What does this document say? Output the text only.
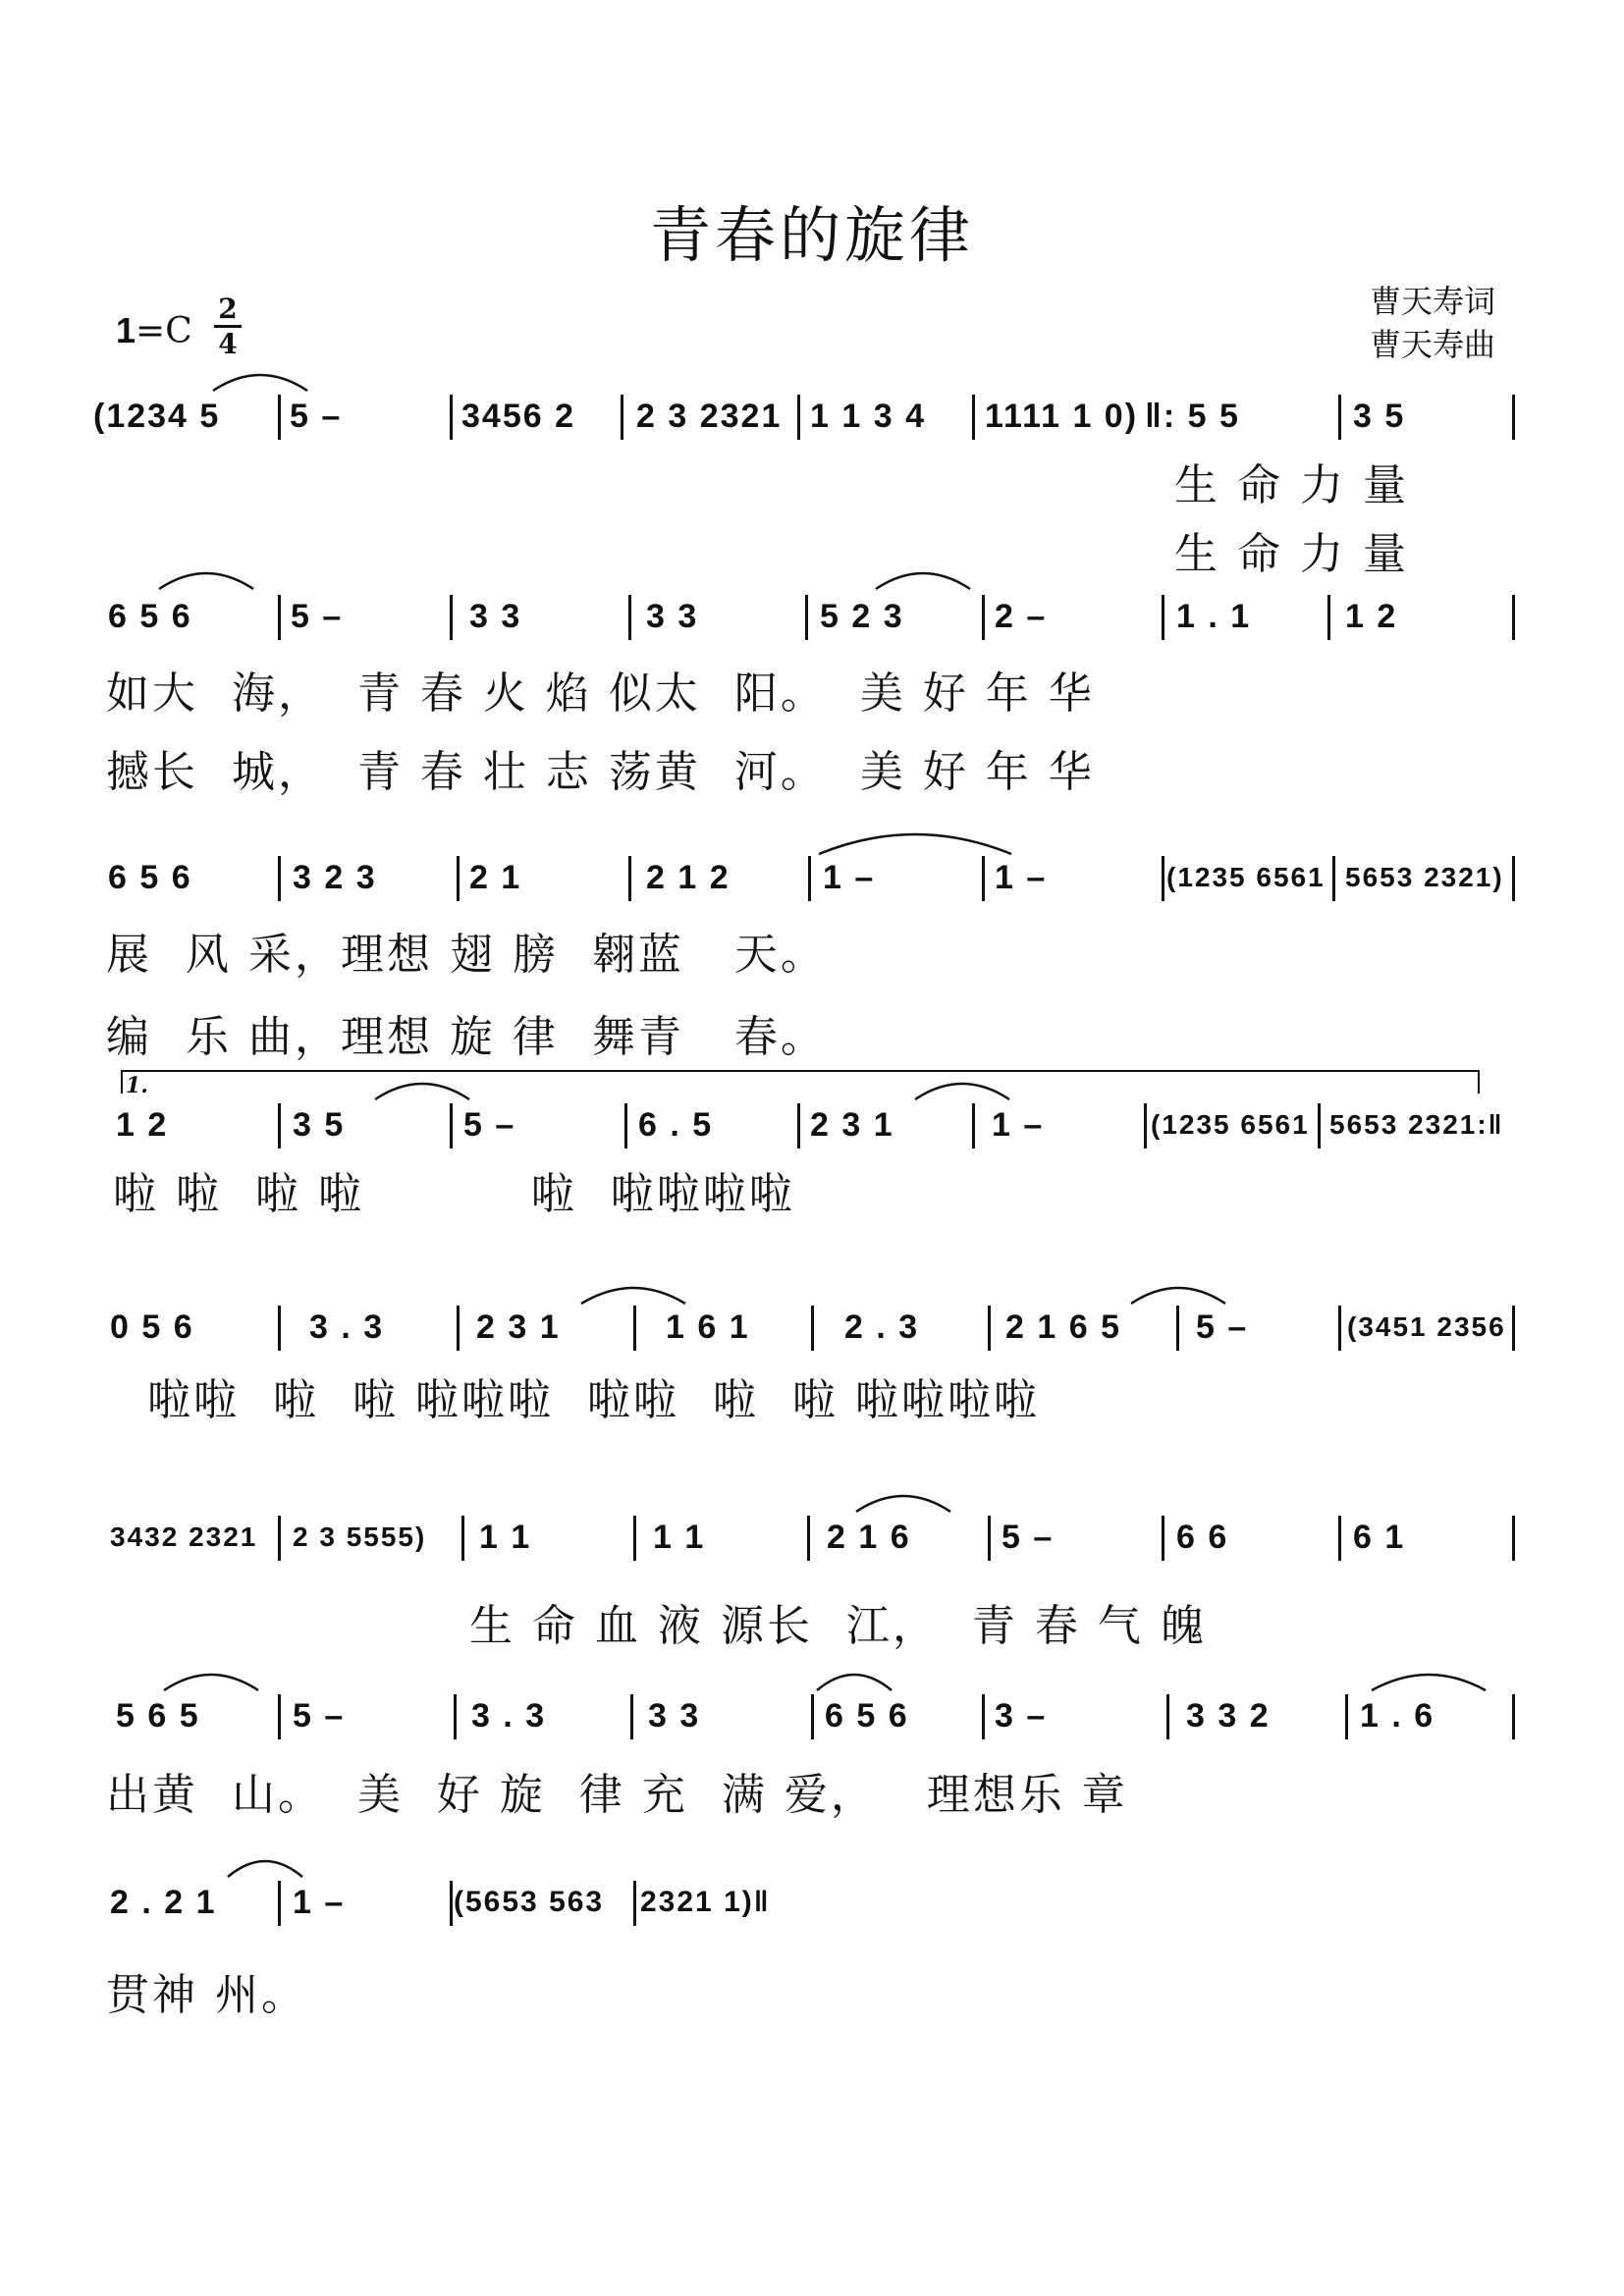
青春的旋律
曹天寿词
曹天寿曲
1=C
2
4
(1234 5 5 –	3456 2 2 3 2321 1 1 3 4 1111 1 0) ‖: 5 5	3 5
生 命 力 量
生 命 力 量
6 5 6	5 –	3 3	3 3	5 2 3	2 –	1 . 1	1 2
如大  海，  青 春 火 焰 似太  阳。  美 好 年 华
撼长  城，  青 春 壮 志 荡黄  河。  美 好 年 华
6 5 6	3 2 3	2 1	2 1 2	1 –	1 –	(1235 6561 5653 2321)
展  风 采，理想 翅 膀  翱蓝   天。
编  乐 曲，理想 旋 律  舞青   春。
1.
1 2	3 5	5 –	6 . 5	2 3 1	1 –	(1235 6561 5653 2321:‖
啦 啦  啦 啦          啦  啦啦啦啦
0 5 6	3 . 3	2 3 1	1 6 1	2 . 3	2 1 6 5 5 –	(3451 2356
啦啦  啦  啦 啦啦啦  啦啦  啦  啦 啦啦啦啦
3432 2321 2 3 5555) 1 1	1 1	2 1 6	5 –	6 6	6 1
生 命 血 液 源长  江，  青 春 气 魄
5 6 5	5 –	3 . 3	3 3	6 5 6	3 –	3 3 2	1 . 6
出黄  山。  美  好 旋  律 充  满 爱，   理想乐 章
2 . 2 1 1 –	(5653 563 2321 1)‖
贯神 州。
